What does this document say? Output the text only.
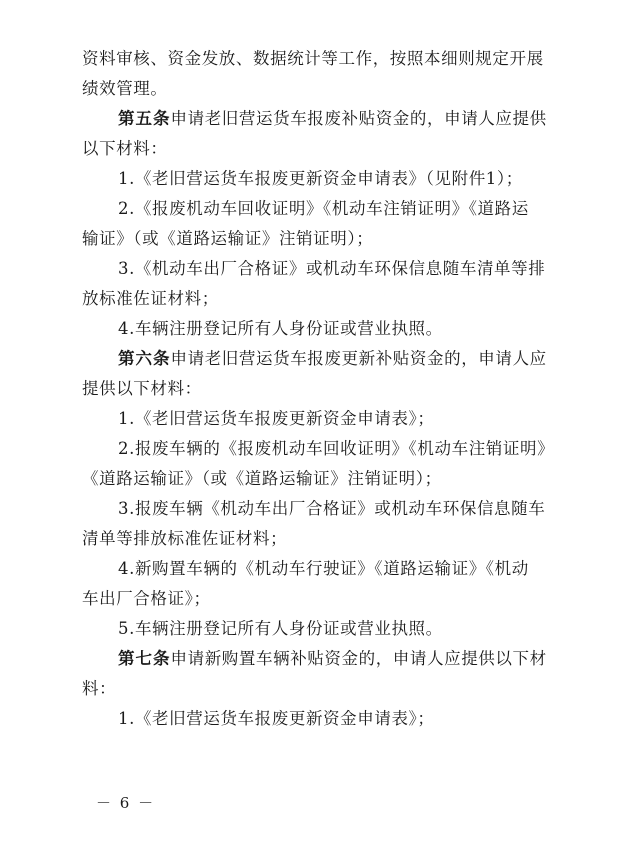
资料审核、资金发放、数据统计等工作，按照本细则规定开展
绩效管理。
第五条申请老旧营运货车报废补贴资金的，申请人应提供
以下材料：
1.《老旧营运货车报废更新资金申请表》（见附件1）；
2.《报废机动车回收证明》《机动车注销证明》《道路运
输证》（或《道路运输证》注销证明）；
3.《机动车出厂合格证》或机动车环保信息随车清单等排
放标准佐证材料；
4.车辆注册登记所有人身份证或营业执照。
第六条申请老旧营运货车报废更新补贴资金的，申请人应
提供以下材料：
1.《老旧营运货车报废更新资金申请表》；
2.报废车辆的《报废机动车回收证明》《机动车注销证明》
《道路运输证》（或《道路运输证》注销证明）；
3.报废车辆《机动车出厂合格证》或机动车环保信息随车
清单等排放标准佐证材料；
4.新购置车辆的《机动车行驶证》《道路运输证》《机动
车出厂合格证》；
5.车辆注册登记所有人身份证或营业执照。
第七条申请新购置车辆补贴资金的，申请人应提供以下材
料：
1.《老旧营运货车报废更新资金申请表》；
－ 6 －
